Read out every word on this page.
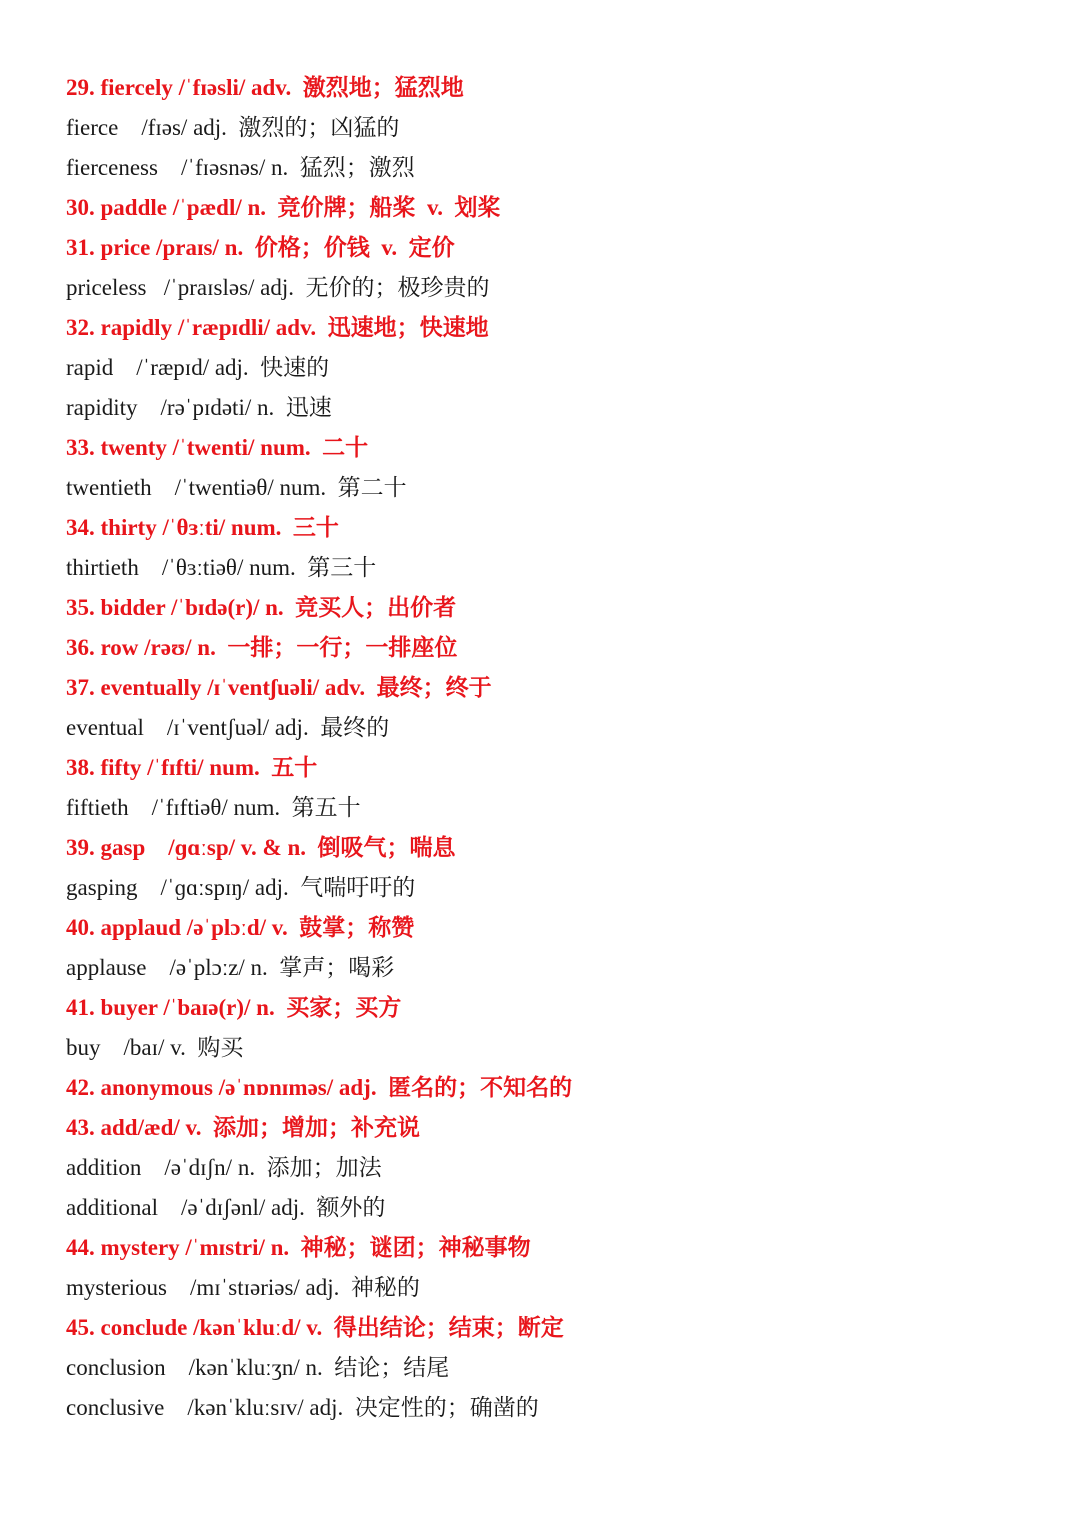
29. fiercely /ˈfɪəsli/ adv.  激烈地；猛烈地
fierce    /fɪəs/ adj.  激烈的；凶猛的
fierceness    /ˈfɪəsnəs/ n.  猛烈；激烈
30. paddle /ˈpædl/ n.  竞价牌；船桨  v.  划桨
31. price /praɪs/ n.  价格；价钱  v.  定价
priceless   /ˈpraɪsləs/ adj.  无价的；极珍贵的
32. rapidly /ˈræpɪdli/ adv.  迅速地；快速地
rapid    /ˈræpɪd/ adj.  快速的
rapidity    /rəˈpɪdəti/ n.  迅速
33. twenty /ˈtwenti/ num.  二十
twentieth    /ˈtwentiəθ/ num.  第二十
34. thirty /ˈθɜːti/ num.  三十
thirtieth    /ˈθɜːtiəθ/ num.  第三十
35. bidder /ˈbɪdə(r)/ n.  竞买人；出价者
36. row /rəʊ/ n.  一排；一行；一排座位
37. eventually /ɪˈventʃuəli/ adv.  最终；终于
eventual    /ɪˈventʃuəl/ adj.  最终的
38. fifty /ˈfɪfti/ num.  五十
fiftieth    /ˈfɪftiəθ/ num.  第五十
39. gasp    /ɡɑːsp/ v. & n.  倒吸气；喘息
gasping    /ˈɡɑːspɪŋ/ adj.  气喘吁吁的
40. applaud /əˈplɔːd/ v.  鼓掌；称赞
applause    /əˈplɔːz/ n.  掌声；喝彩
41. buyer /ˈbaɪə(r)/ n.  买家；买方
buy    /baɪ/ v.  购买
42. anonymous /əˈnɒnɪməs/ adj.  匿名的；不知名的
43. add/æd/ v.  添加；增加；补充说
addition    /əˈdɪʃn/ n.  添加；加法
additional    /əˈdɪʃənl/ adj.  额外的
44. mystery /ˈmɪstri/ n.  神秘；谜团；神秘事物
mysterious    /mɪˈstɪəriəs/ adj.  神秘的
45. conclude /kənˈkluːd/ v.  得出结论；结束；断定
conclusion    /kənˈkluːʒn/ n.  结论；结尾
conclusive    /kənˈkluːsɪv/ adj.  决定性的；确凿的
